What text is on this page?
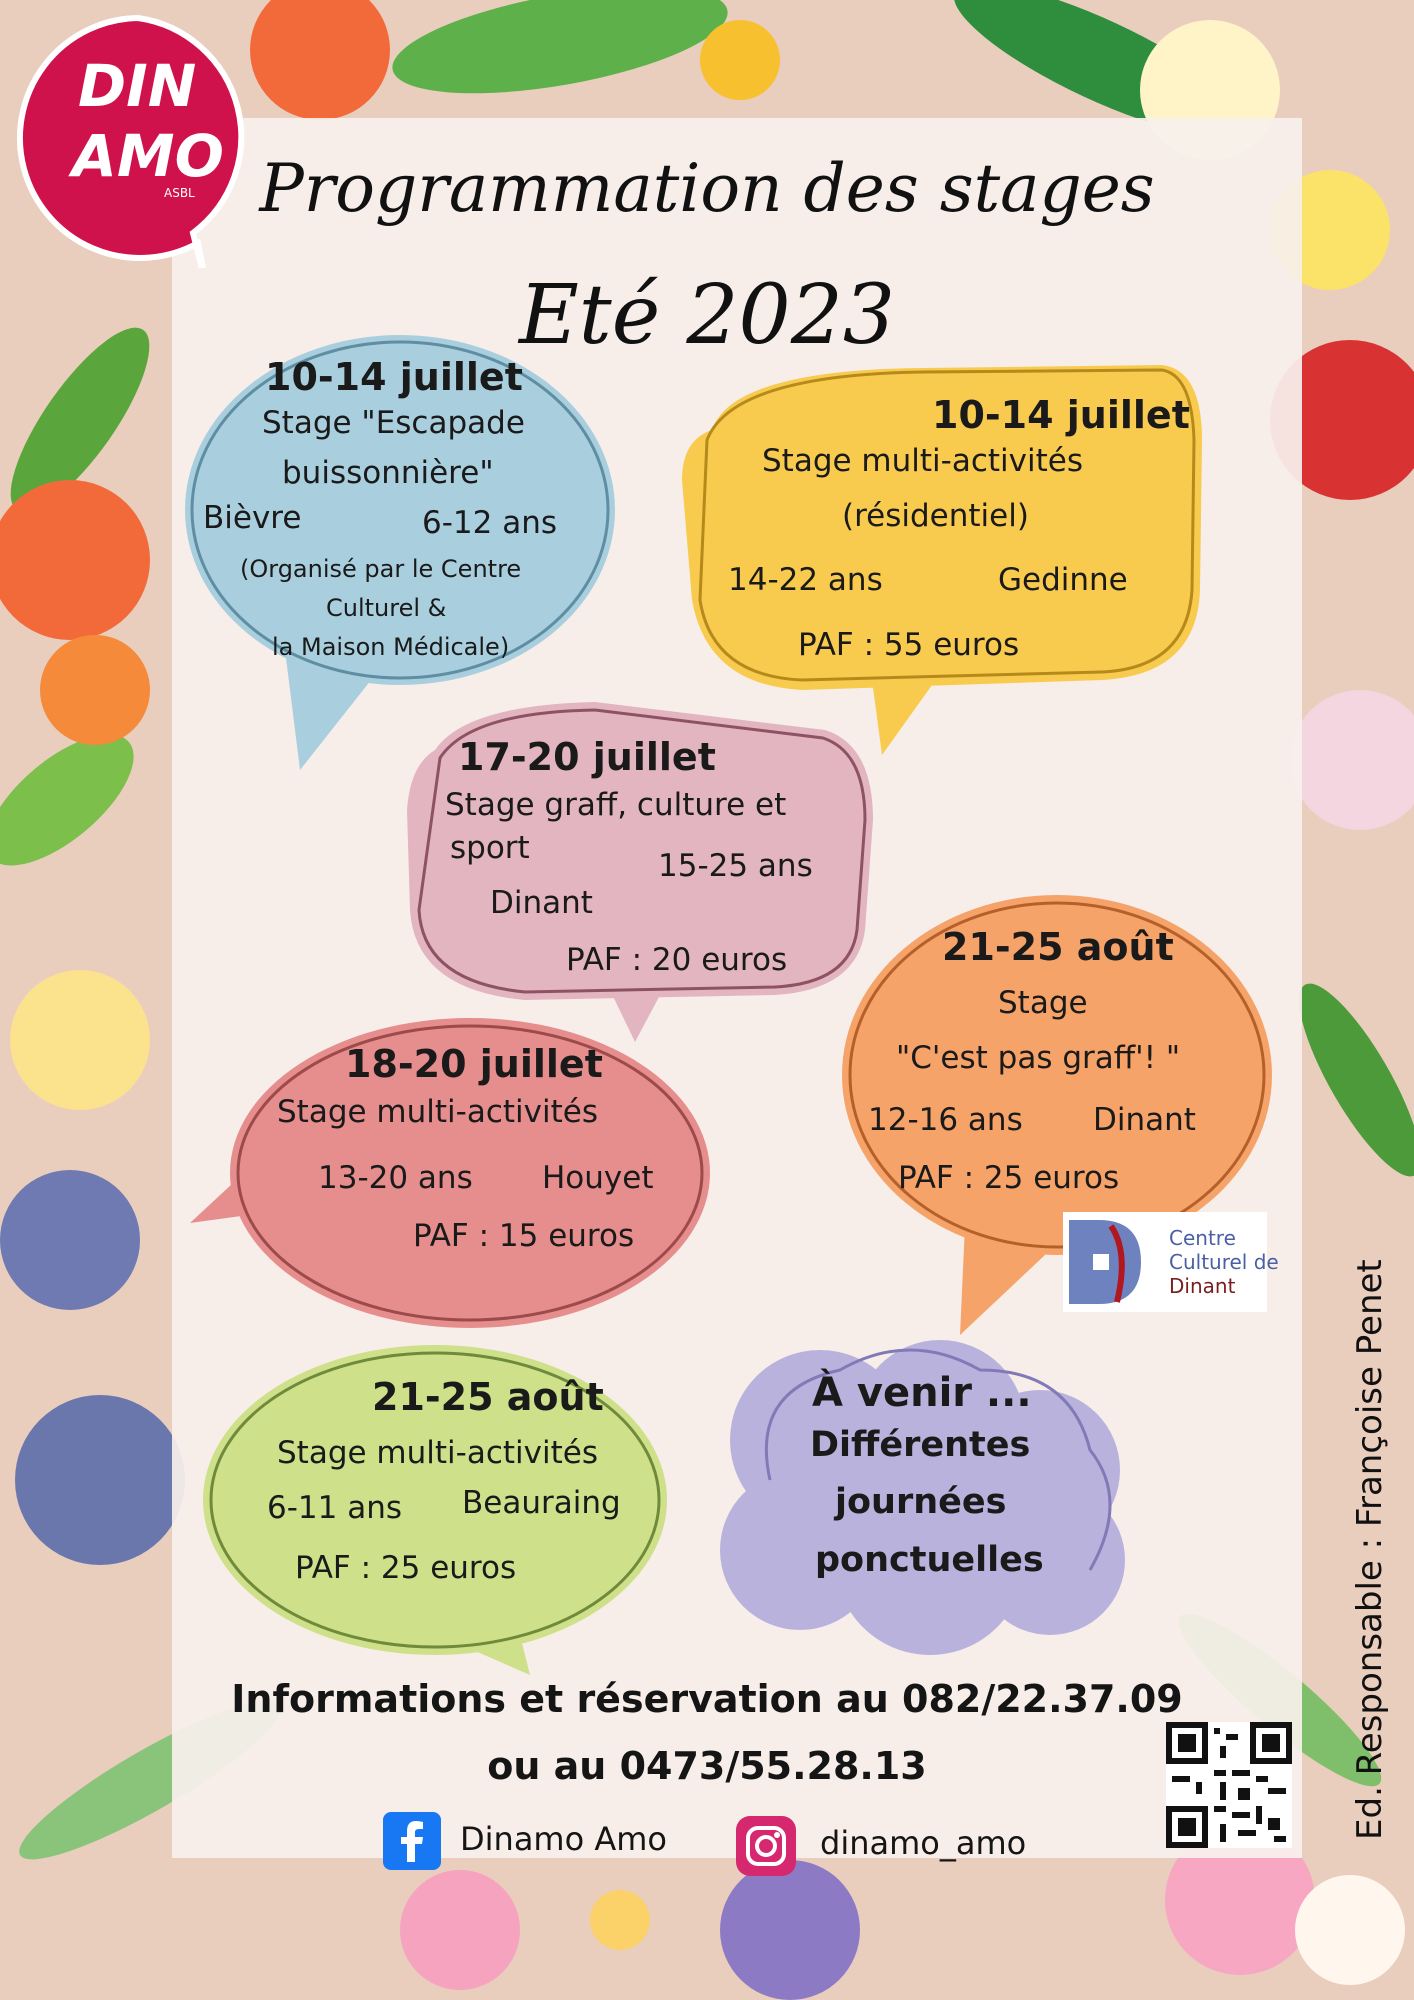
DIN
AMO
ASBL Programmation des stages
Eté 2023
10-14 juillet
Stage "Escapade
buissonnière"
Bièvre	6-12 ans
(Organisé par le Centre
Culturel &
la Maison Médicale)
10-14 juillet
Stage multi-activités
(résidentiel)
14-22 ans	Gedinne
PAF : 55 euros
17-20 juillet
Stage graff, culture et
sport	15-25 ans
Dinant
PAF : 20 euros	21-25 août
Stage
"C'est pas graff'! "
12-16 ans Dinant
PAF : 25 euros
18-20 juillet
Stage multi-activités
13-20 ans Houyet
PAF : 15 euros
21-25 août
Stage multi-activités
6-11 ans Beauraing
PAF : 25 euros
À venir ...
Différentes
journées
ponctuelles
Centre
Culturel de
Dinant
Informations et réservation au 082/22.37.09
ou au 0473/55.28.13
Dinamo Amo	dinamo_amo
Ed. Responsable : Françoise Penet
